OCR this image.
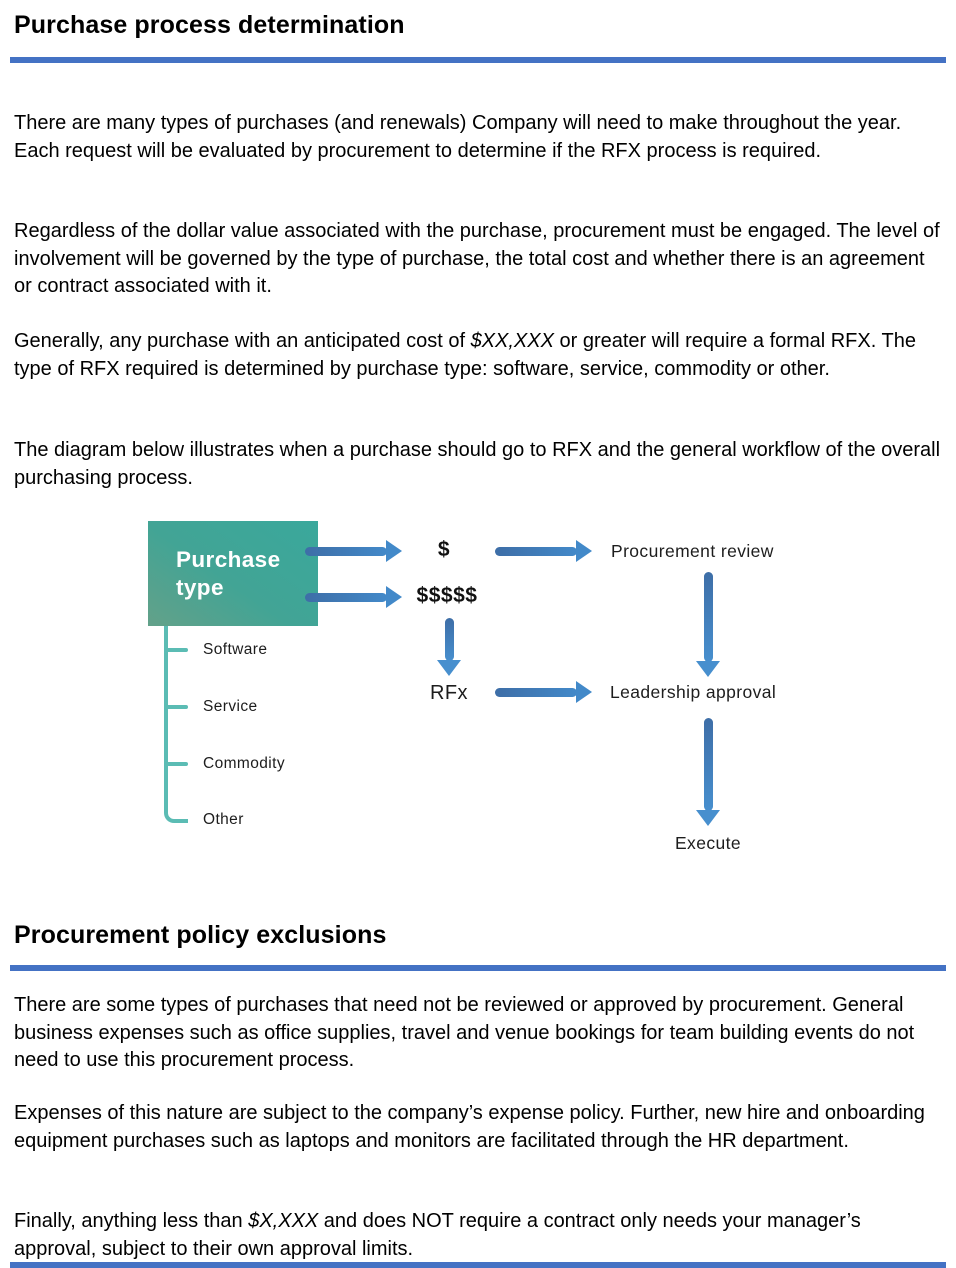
Purchase process determination
There are many types of purchases (and renewals) Company will need to make throughout the year. Each request will be evaluated by procurement to determine if the RFX process is required.
Regardless of the dollar value associated with the purchase, procurement must be engaged. The level of involvement will be governed by the type of purchase, the total cost and whether there is an agreement or contract associated with it.
Generally, any purchase with an anticipated cost of $XX,XXX or greater will require a formal RFX. The type of RFX required is determined by purchase type: software, service, commodity or other.
The diagram below illustrates when a purchase should go to RFX and the general workflow of the overall purchasing process.
Purchase type
$
$$$$$
Procurement review
RFx	Leadership approval
Execute
Software
Service
Commodity
Other
Procurement policy exclusions
There are some types of purchases that need not be reviewed or approved by procurement. General business expenses such as office supplies, travel and venue bookings for team building events do not need to use this procurement process.
Expenses of this nature are subject to the company’s expense policy. Further, new hire and onboarding equipment purchases such as laptops and monitors are facilitated through the HR department.
Finally, anything less than $X,XXX and does NOT require a contract only needs your manager’s approval, subject to their own approval limits.
